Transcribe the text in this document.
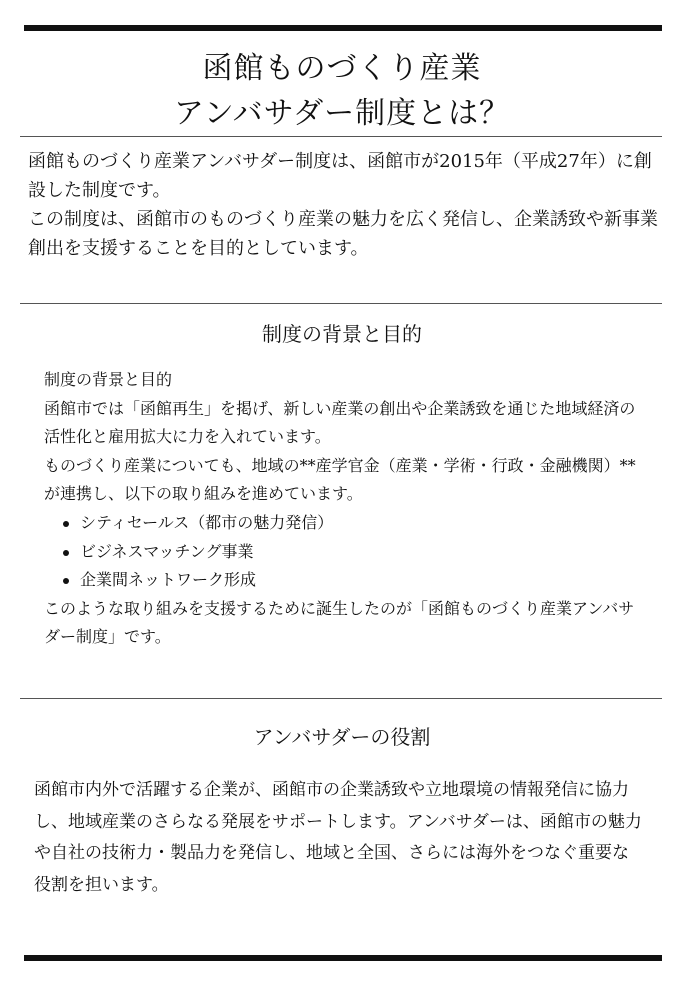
函館ものづくり産業
アンバサダー制度とは？

函館ものづくり産業アンバサダー制度は、函館市が2015年（平成27年）に創設した制度です。

この制度は、函館市のものづくり産業の魅力を広く発信し、企業誘致や新事業創出を支援することを目的としています。

制度の背景と目的

制度の背景と目的

函館市では「函館再生」を掲げ、新しい産業の創出や企業誘致を通じた地域経済の活性化と雇用拡大に力を入れています。

ものづくり産業についても、地域の**産学官金（産業・学術・行政・金融機関）**が連携し、以下の取り組みを進めています。

シティセールス（都市の魅力発信）
ビジネスマッチング事業
企業間ネットワーク形成

このような取り組みを支援するために誕生したのが「函館ものづくり産業アンバサダー制度」です。

アンバサダーの役割

函館市内外で活躍する企業が、函館市の企業誘致や立地環境の情報発信に協力し、地域産業のさらなる発展をサポートします。アンバサダーは、函館市の魅力や自社の技術力・製品力を発信し、地域と全国、さらには海外をつなぐ重要な役割を担います。
